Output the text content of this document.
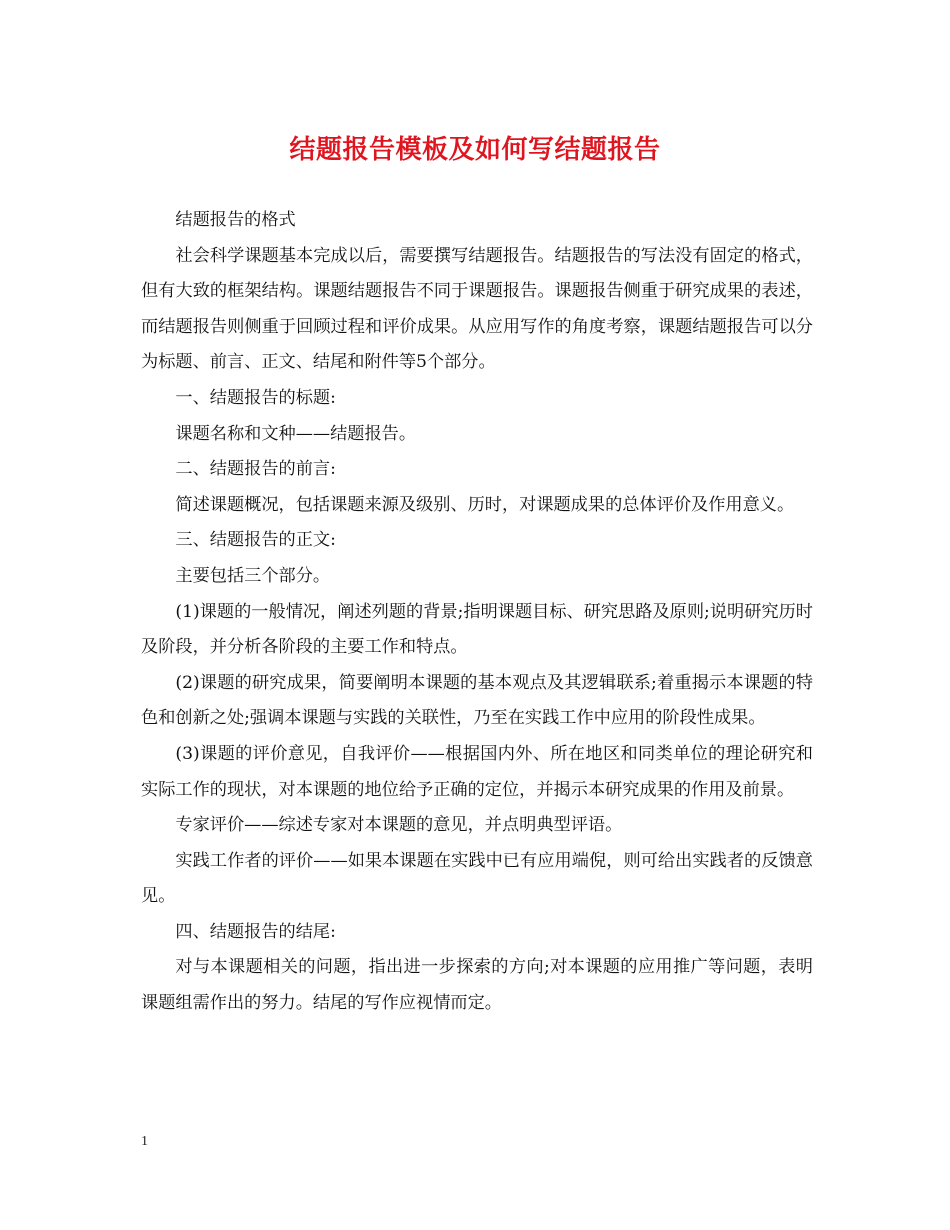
结题报告模板及如何写结题报告

结题报告的格式

社会科学课题基本完成以后，需要撰写结题报告。结题报告的写法没有固定的格式，但有大致的框架结构。课题结题报告不同于课题报告。课题报告侧重于研究成果的表述，而结题报告则侧重于回顾过程和评价成果。从应用写作的角度考察，课题结题报告可以分为标题、前言、正文、结尾和附件等5个部分。

一、结题报告的标题:

课题名称和文种——结题报告。

二、结题报告的前言:

简述课题概况，包括课题来源及级别、历时，对课题成果的总体评价及作用意义。

三、结题报告的正文:

主要包括三个部分。

(1)课题的一般情况，阐述列题的背景;指明课题目标、研究思路及原则;说明研究历时及阶段，并分析各阶段的主要工作和特点。

(2)课题的研究成果，简要阐明本课题的基本观点及其逻辑联系;着重揭示本课题的特色和创新之处;强调本课题与实践的关联性，乃至在实践工作中应用的阶段性成果。

(3)课题的评价意见，自我评价——根据国内外、所在地区和同类单位的理论研究和实际工作的现状，对本课题的地位给予正确的定位，并揭示本研究成果的作用及前景。

专家评价——综述专家对本课题的意见，并点明典型评语。

实践工作者的评价——如果本课题在实践中已有应用端倪，则可给出实践者的反馈意见。

四、结题报告的结尾:

对与本课题相关的问题，指出进一步探索的方向;对本课题的应用推广等问题，表明课题组需作出的努力。结尾的写作应视情而定。

1
